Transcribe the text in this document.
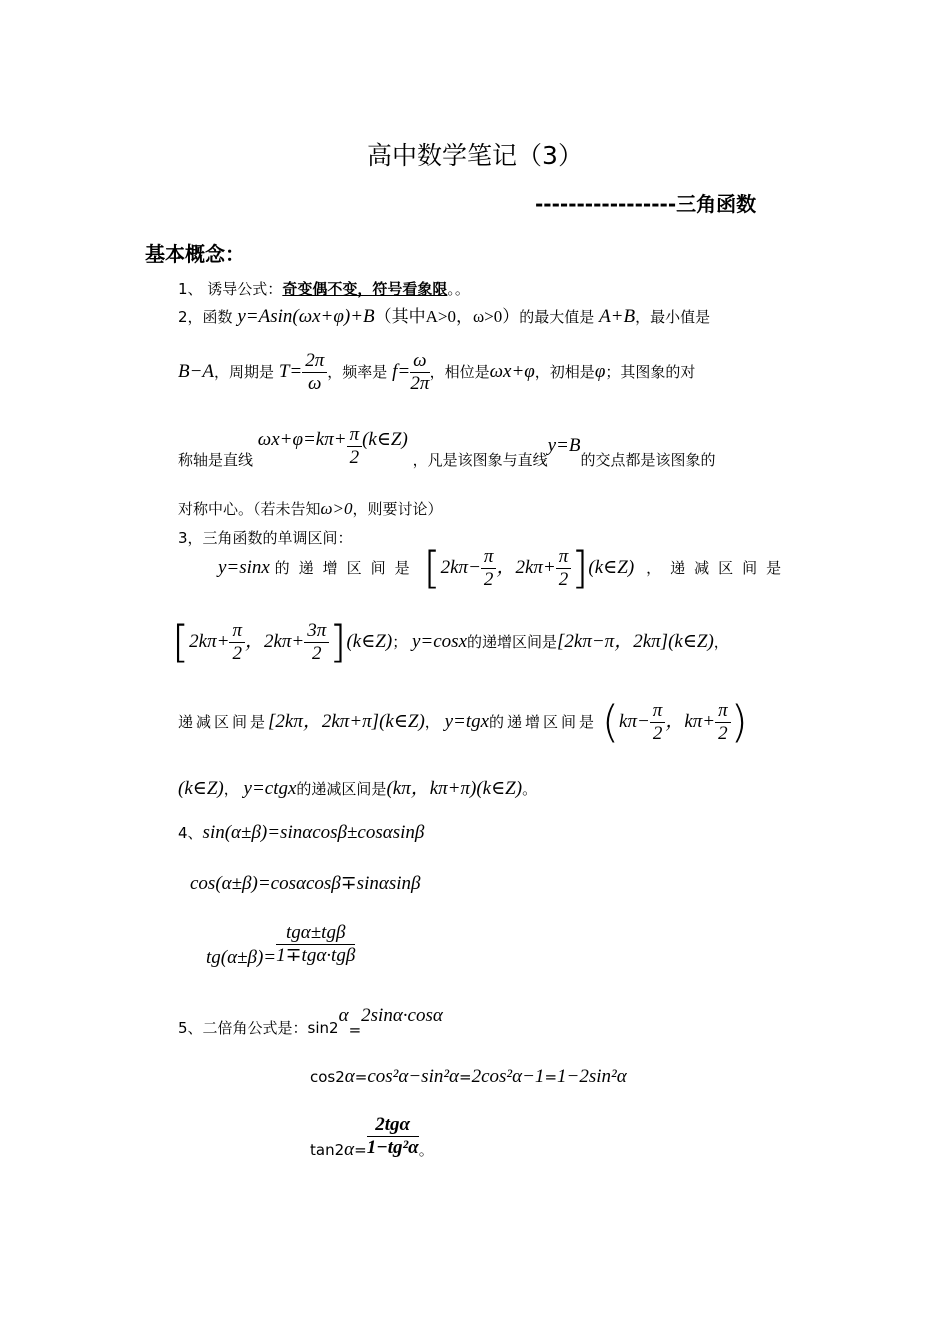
高中数学笔记（3）
-----------------三角函数
基本概念：
1、 诱导公式：奇变偶不变，符号看象限。。
2，函数 y=Asin(ωx+φ)+B（其中A>0，ω>0）的最大值是 A+B，最小值是
B−A，周期是 $T= \frac{2\pi}{\omega}$ ，频率是 $f= \frac{\omega}{2\pi}$ ，相位是ωx+φ，初相是φ；其图象的对
称轴是直线 $\omega x+\varphi=k\pi+ \frac{\pi}{2}$ (k∈Z) ，凡是该图象与直线y=B的交点都是该图象的
对称中心。（若未告知ω>0，则要讨论）
3，三角函数的单调区间：
y=sinx 的递增区间是 [$2k\pi- \frac{\pi}{2}$ ，$2k\pi+ \frac{\pi}{2}$ ](k∈Z) ，递减区间是
[$2k\pi+ \frac{\pi}{2}$ ，$2k\pi+ \frac{3\pi}{2}$ ](k∈Z)； y=cosx的递增区间是[2kπ−π，2kπ](k∈Z)，
递减区间是[2kπ，2kπ+π](k∈Z)， y=tgx的递增区间是 ($k\pi- \frac{\pi}{2}$ ，$k\pi+ \frac{\pi}{2}$ )
(k∈Z)， y=ctgx的递减区间是(kπ，kπ+π)(k∈Z)。
4、sin(α±β)=sinαcosβ±cosαsinβ
cos(α±β)=cosαcosβ∓sinαsinβ
$tg(\alpha\pm\beta)= \frac{\text{tgα±tgβ}}{\text{1∓tgα·tgβ}}$
5、二倍角公式是：sin2α=2sinα·cosα
cos2α=cos²α−sin²α=2cos²α−1=1−2sin²α
$\tan 2\alpha= \frac{\text{2tgα}}{\text{1−tg²α}}$ 。
